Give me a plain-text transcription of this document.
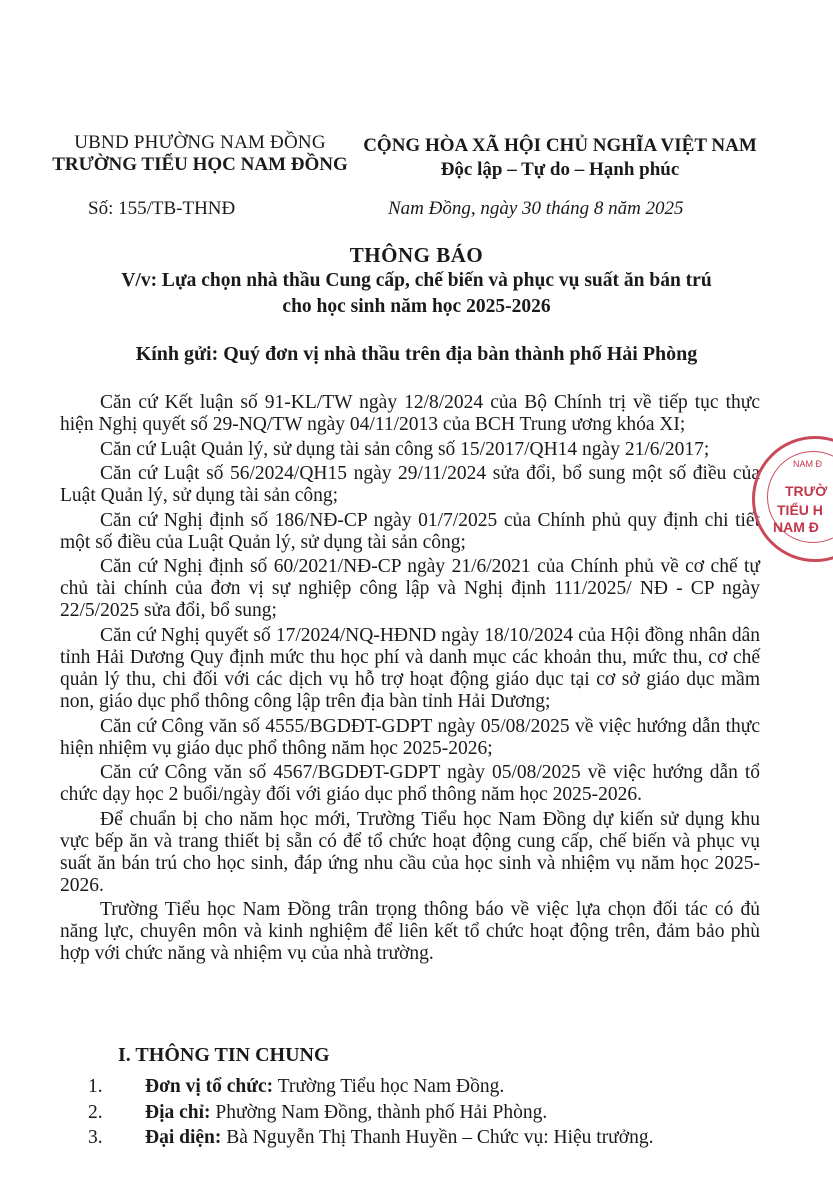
UBND PHƯỜNG NAM ĐỒNG
TRƯỜNG TIỂU HỌC NAM ĐỒNG
CỘNG HÒA XÃ HỘI CHỦ NGHĨA VIỆT NAM
Độc lập – Tự do – Hạnh phúc
Số: 155/TB-THNĐ	Nam Đồng, ngày 30 tháng 8 năm 2025
THÔNG BÁO
V/v: Lựa chọn nhà thầu Cung cấp, chế biến và phục vụ suất ăn bán trú
cho học sinh năm học 2025-2026
Kính gửi: Quý đơn vị nhà thầu trên địa bàn thành phố Hải Phòng

Căn cứ Kết luận số 91-KL/TW ngày 12/8/2024 của Bộ Chính trị về tiếp tục thực hiện Nghị quyết số 29-NQ/TW ngày 04/11/2013 của BCH Trung ương khóa XI;

Căn cứ Luật Quản lý, sử dụng tài sản công số 15/2017/QH14 ngày 21/6/2017;

Căn cứ Luật số 56/2024/QH15 ngày 29/11/2024 sửa đổi, bổ sung một số điều của Luật Quản lý, sử dụng tài sản công;

Căn cứ Nghị định số 186/NĐ-CP ngày 01/7/2025 của Chính phủ quy định chi tiết một số điều của Luật Quản lý, sử dụng tài sản công;

Căn cứ Nghị định số 60/2021/NĐ-CP ngày 21/6/2021 của Chính phủ về cơ chế tự chủ tài chính của đơn vị sự nghiệp công lập và Nghị định 111/2025/ NĐ - CP ngày 22/5/2025 sửa đổi, bổ sung;

Căn cứ Nghị quyết số 17/2024/NQ-HĐND ngày 18/10/2024 của Hội đồng nhân dân tỉnh Hải Dương Quy định mức thu học phí và danh mục các khoản thu, mức thu, cơ chế quản lý thu, chi đối với các dịch vụ hỗ trợ hoạt động giáo dục tại cơ sở giáo dục mầm non, giáo dục phổ thông công lập trên địa bàn tỉnh Hải Dương;

Căn cứ Công văn số 4555/BGDĐT-GDPT ngày 05/08/2025 về việc hướng dẫn thực hiện nhiệm vụ giáo dục phổ thông năm học 2025-2026;

Căn cứ Công văn số 4567/BGDĐT-GDPT ngày 05/08/2025 về việc hướng dẫn tổ chức dạy học 2 buổi/ngày đối với giáo dục phổ thông năm học 2025-2026.

Để chuẩn bị cho năm học mới, Trường Tiểu học Nam Đồng dự kiến sử dụng khu vực bếp ăn và trang thiết bị sẵn có để tổ chức hoạt động cung cấp, chế biến và phục vụ suất ăn bán trú cho học sinh, đáp ứng nhu cầu của học sinh và nhiệm vụ năm học 2025-2026.

Trường Tiểu học Nam Đồng trân trọng thông báo về việc lựa chọn đối tác có đủ năng lực, chuyên môn và kinh nghiệm để liên kết tổ chức hoạt động trên, đảm bảo phù hợp với chức năng và nhiệm vụ của nhà trường.

I. THÔNG TIN CHUNG
1.	Đơn vị tổ chức: Trường Tiểu học Nam Đồng.
2.	Địa chỉ: Phường Nam Đồng, thành phố Hải Phòng.
3.	Đại diện: Bà Nguyễn Thị Thanh Huyền – Chức vụ: Hiệu trưởng.
NAM Đ
TRƯỜ
TIỂU H
NAM Đ
